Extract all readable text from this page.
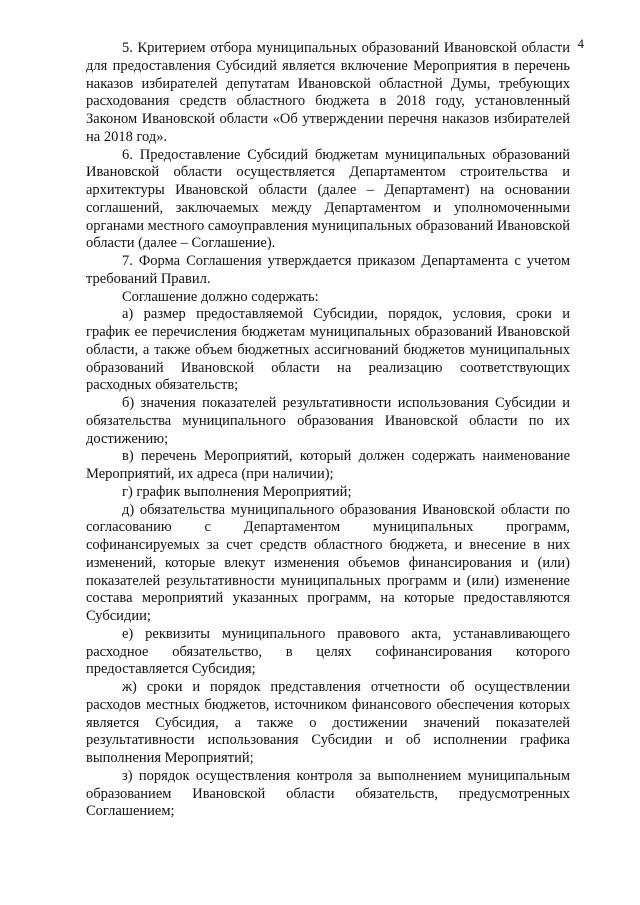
4

5. Критерием отбора муниципальных образований Ивановской области для предоставления Субсидий является включение Мероприятия в перечень наказов избирателей депутатам Ивановской областной Думы, требующих расходования средств областного бюджета в 2018 году, установленный Законом Ивановской области «Об утверждении перечня наказов избирателей на 2018 год».

6. Предоставление Субсидий бюджетам муниципальных образований Ивановской области осуществляется Департаментом строительства и архитектуры Ивановской области (далее – Департамент) на основании соглашений, заключаемых между Департаментом и уполномоченными органами местного самоуправления муниципальных образований Ивановской области (далее – Соглашение).

7. Форма Соглашения утверждается приказом Департамента с учетом требований Правил.

Соглашение должно содержать:

а) размер предоставляемой Субсидии, порядок, условия, сроки и график ее перечисления бюджетам муниципальных образований Ивановской области, а также объем бюджетных ассигнований бюджетов муниципальных образований Ивановской области на реализацию соответствующих расходных обязательств;

б) значения показателей результативности использования Субсидии и обязательства муниципального образования Ивановской области по их достижению;

в) перечень Мероприятий, который должен содержать наименование Мероприятий, их адреса (при наличии);

г) график выполнения Мероприятий;

д) обязательства муниципального образования Ивановской области по согласованию с Департаментом муниципальных программ, софинансируемых за счет средств областного бюджета, и внесение в них изменений, которые влекут изменения объемов финансирования и (или) показателей результативности муниципальных программ и (или) изменение состава мероприятий указанных программ, на которые предоставляются Субсидии;

е) реквизиты муниципального правового акта, устанавливающего расходное обязательство, в целях софинансирования которого предоставляется Субсидия;

ж) сроки и порядок представления отчетности об осуществлении расходов местных бюджетов, источником финансового обеспечения которых является Субсидия, а также о достижении значений показателей результативности использования Субсидии и об исполнении графика выполнения Мероприятий;

з) порядок осуществления контроля за выполнением муниципальным образованием Ивановской области обязательств, предусмотренных Соглашением;
